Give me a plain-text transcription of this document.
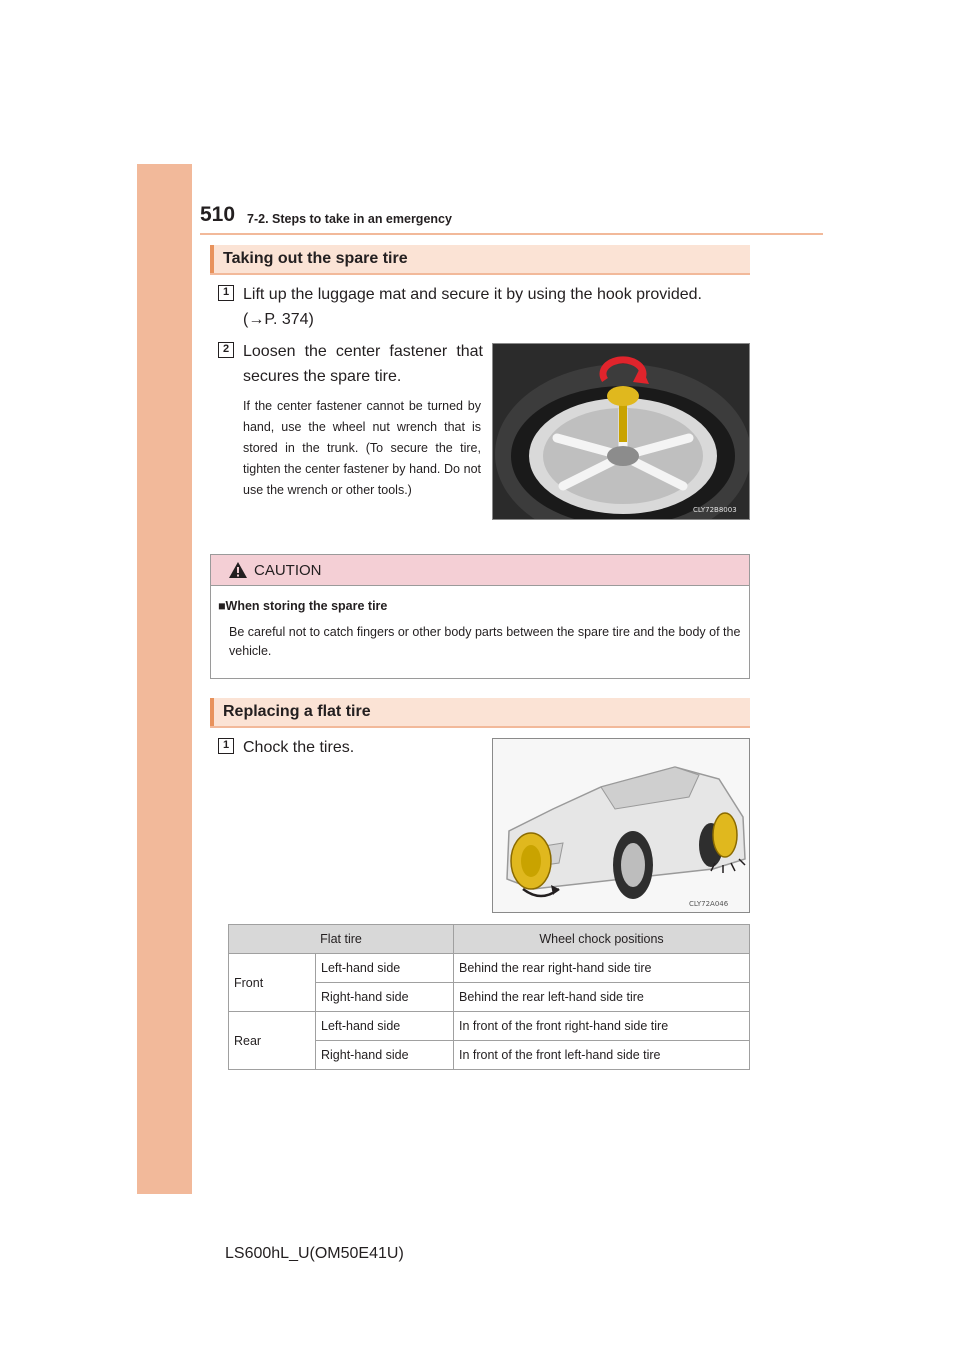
510 7-2. Steps to take in an emergency
Taking out the spare tire
1 Lift up the luggage mat and secure it by using the hook provided.
(→P. 374)
2 Loosen the center fastener that
secures the spare tire.
If the center fastener cannot be turned by hand, use the wheel nut wrench that is stored in the trunk. (To secure the tire, tighten the center fastener by hand. Do not use the wrench or other tools.)
CLY72B8003
CAUTION
■When storing the spare tire
Be careful not to catch fingers or other body parts between the spare tire and the body of the vehicle.
Replacing a flat tire
1 Chock the tires.
CLY72A046
Flat tire		Wheel chock positions
Front	Left-hand side	Behind the rear right-hand side tire
	Right-hand side	Behind the rear left-hand side tire
Rear	Left-hand side	In front of the front right-hand side tire
	Right-hand side	In front of the front left-hand side tire
LS600hL_U(OM50E41U)
